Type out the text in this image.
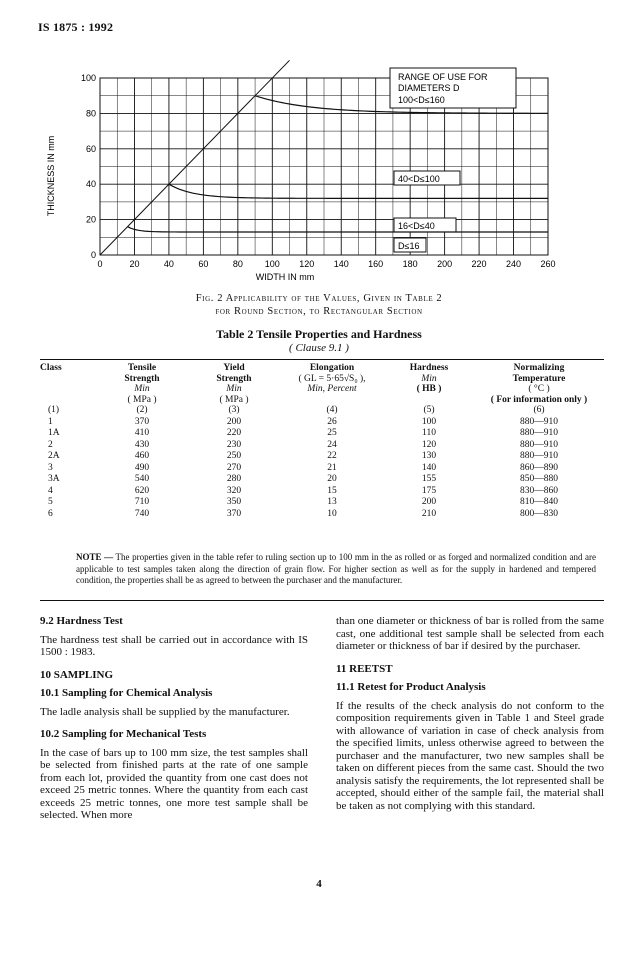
IS 1875 : 1992
RANGE OF USE FOR
DIAMETERS D
100<D≤160
40<D≤100
16<D≤40
D≤16
0
20
40
60
80
100
0	20	40	60	80 100 120 140 160 180 200 220 240 260
WIDTH IN mm
THICKNESS IN mm
Fig. 2 Applicability of the Values, Given in Table 2
for Round Section, to Rectangular Section
Table 2 Tensile Properties and Hardness
( Clause 9.1 )
Class	Tensile
Strength
Min
( MPa )	Yield
Strength
Min
( MPa )	Elongation
( GL = 5·65√S₀ ),
Min, Percent	Hardness
Min
( HB )	Normalizing
Temperature
( °C )
( For information only )

(1)	(2)	(3)	(4)	(5)	(6)
1	370	200	26	100	880—910
1A	410	220	25	110	880—910
2	430	230	24	120	880—910
2A	460	250	22	130	880—910
3	490	270	21	140	860—890
3A	540	280	20	155	850—880
4	620	320	15	175	830—860
5	710	350	13	200	810—840
6	740	370	10	210	800—830
NOTE — The properties given in the table refer to ruling section up to 100 mm in the as rolled or as forged and normalized condition and are applicable to test samples taken along the direction of grain flow. For higher section as well as for the supply in hardened and tempered condition, the properties shall be as agreed to between the purchaser and the manufacturer.
9.2 Hardness Test

The hardness test shall be carried out in accordance with IS 1500 : 1983.

10 SAMPLING
10.1 Sampling for Chemical Analysis

The ladle analysis shall be supplied by the manufacturer.

10.2 Sampling for Mechanical Tests

In the case of bars up to 100 mm size, the test samples shall be selected from finished parts at the rate of one sample from each lot, provided the quantity from one cast does not exceed 25 metric tonnes. Where the quantity from each cast exceeds 25 metric tonnes, one more test sample shall be selected. When more

than one diameter or thickness of bar is rolled from the same cast, one additional test sample shall be selected from each diameter or thickness of bar if desired by the purchaser.

11 REETST
11.1 Retest for Product Analysis

If the results of the check analysis do not conform to the composition requirements given in Table 1 and Steel grade with allowance of variation in case of check analysis from the specified limits, unless otherwise agreed to between the purchaser and the manufacturer, two new samples shall be taken on different pieces from the same cast. Should the two analysis satisfy the requirements, the lot represented shall be accepted, should either of the sample fail, the material shall be taken as not complying with this standard.

4
